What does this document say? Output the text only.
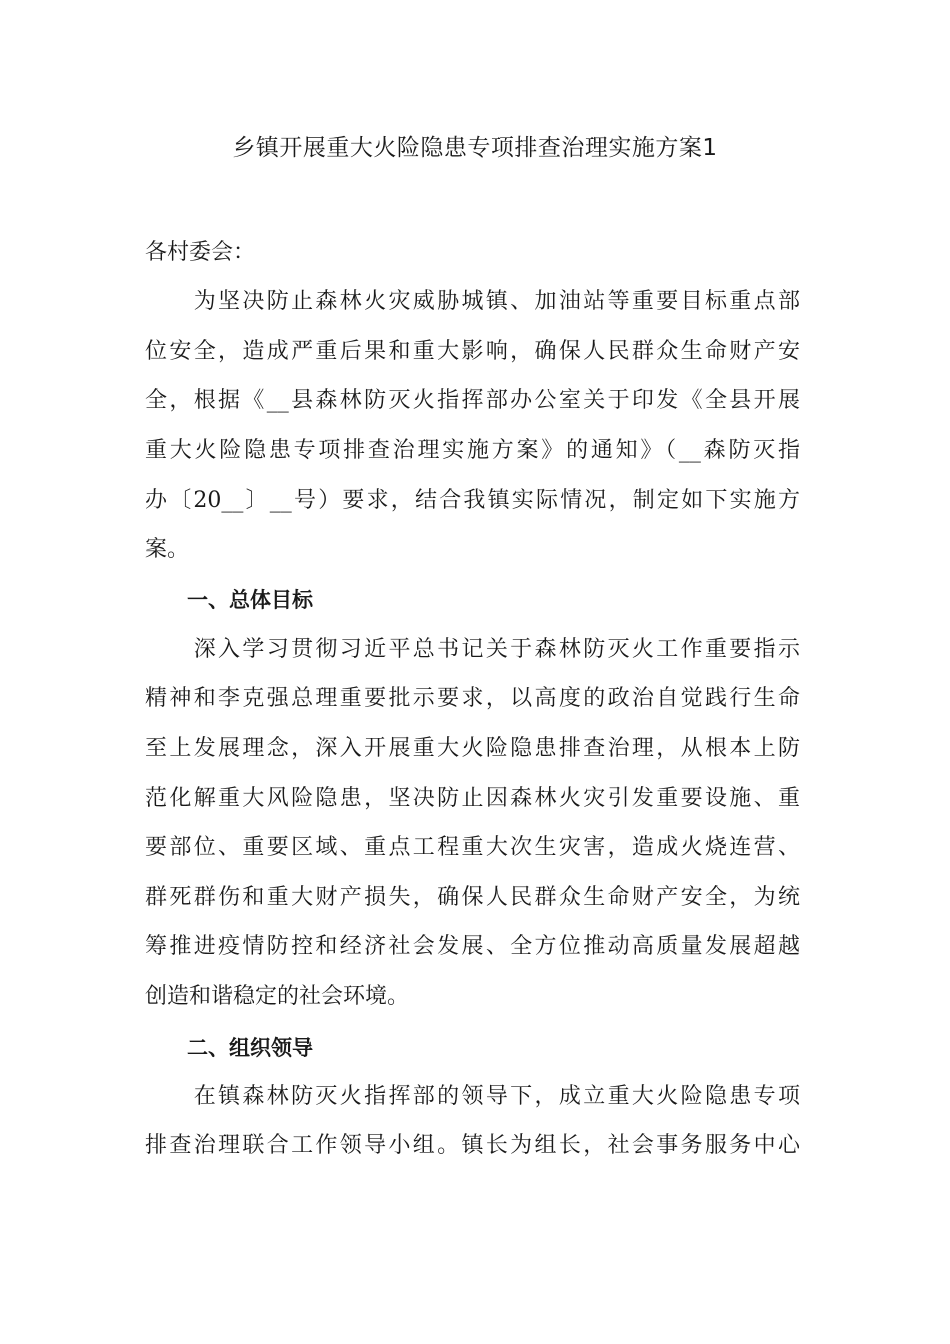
乡镇开展重大火险隐患专项排查治理实施方案1
各村委会：
　　为坚决防止森林火灾威胁城镇、加油站等重要目标重点部
位安全，造成严重后果和重大影响，确保人民群众生命财产安
全，根据《__县森林防灭火指挥部办公室关于印发《全县开展
重大火险隐患专项排查治理实施方案》的通知》（__森防灭指
办〔20__〕__号）要求，结合我镇实际情况，制定如下实施方
案。
　　一、总体目标
　　深入学习贯彻习近平总书记关于森林防灭火工作重要指示
精神和李克强总理重要批示要求，以高度的政治自觉践行生命
至上发展理念，深入开展重大火险隐患排查治理，从根本上防
范化解重大风险隐患，坚决防止因森林火灾引发重要设施、重
要部位、重要区域、重点工程重大次生灾害，造成火烧连营、
群死群伤和重大财产损失，确保人民群众生命财产安全，为统
筹推进疫情防控和经济社会发展、全方位推动高质量发展超越
创造和谐稳定的社会环境。
　　二、组织领导
　　在镇森林防灭火指挥部的领导下，成立重大火险隐患专项
排查治理联合工作领导小组。镇长为组长，社会事务服务中心
